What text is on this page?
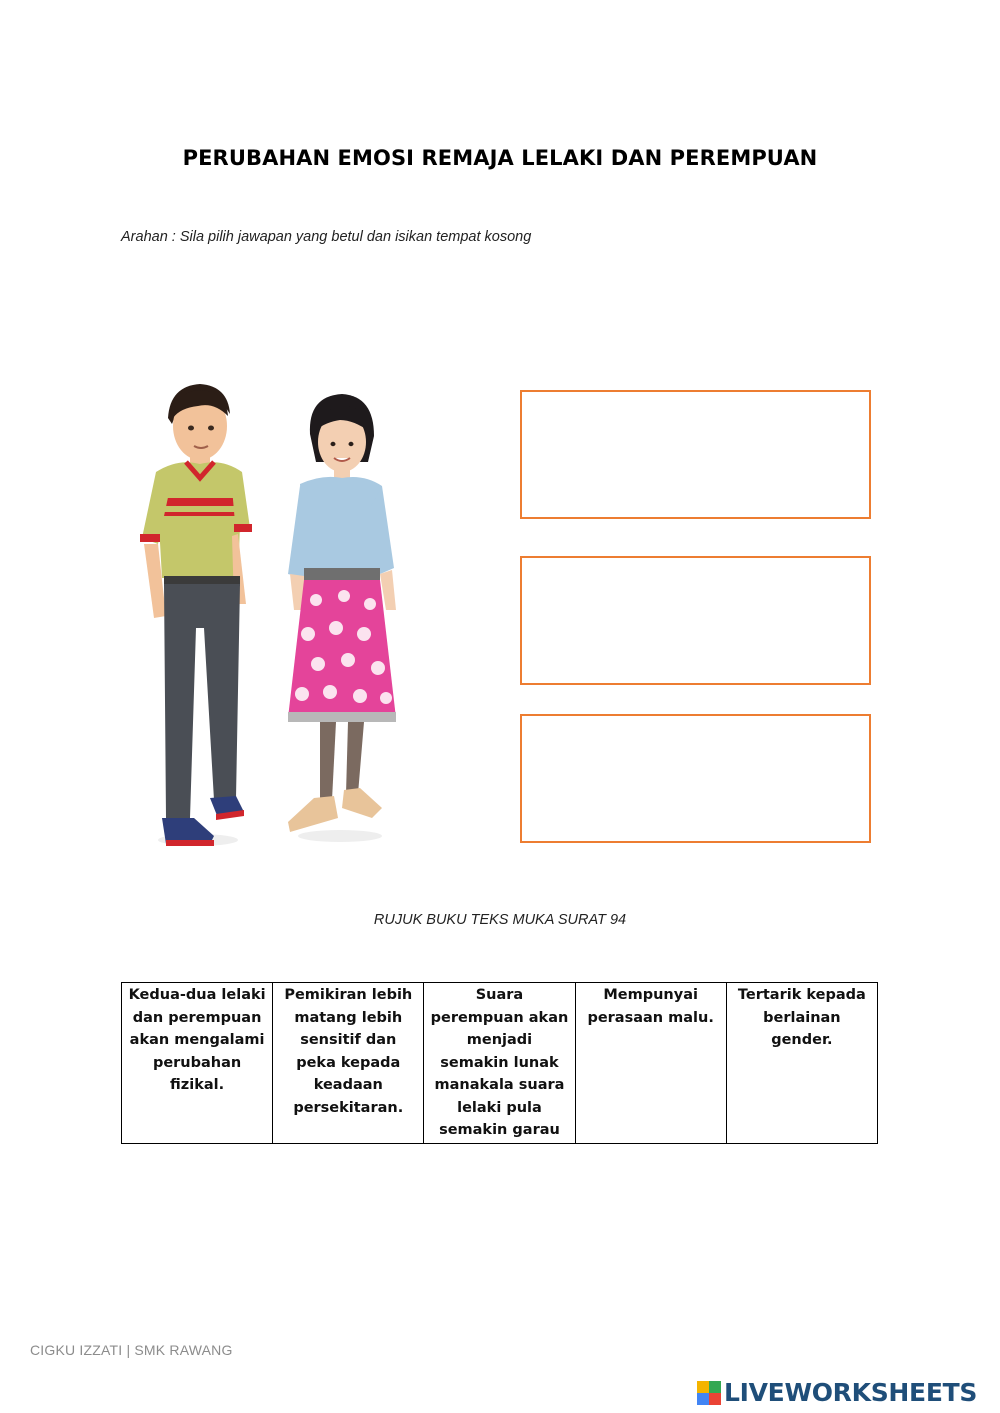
PERUBAHAN EMOSI REMAJA LELAKI DAN PEREMPUAN
Arahan : Sila pilih jawapan yang betul dan isikan tempat kosong
RUJUK BUKU TEKS MUKA SURAT 94
Kedua-dua lelaki dan perempuan akan mengalami perubahan fizikal.	Pemikiran lebih matang lebih sensitif dan peka kepada keadaan persekitaran.	Suara perempuan akan menjadi semakin lunak manakala suara lelaki pula semakin garau	Mempunyai perasaan malu.	Tertarik kepada berlainan gender.
CIGKU IZZATI | SMK RAWANG
LIVEWORKSHEETS
